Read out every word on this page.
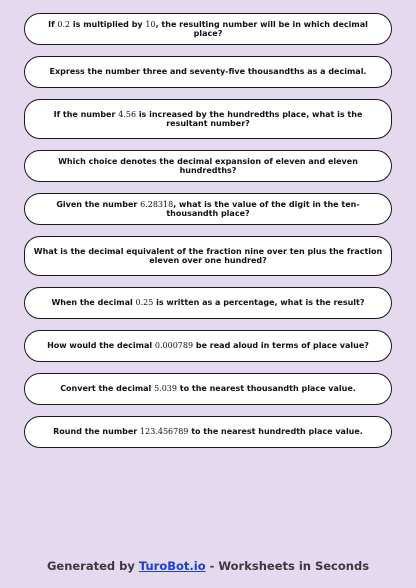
If 0.2 is multiplied by 10, the resulting number will be in which decimal place?
Express the number three and seventy-five thousandths as a decimal.
If the number 4.56 is increased by the hundredths place, what is the resultant number?
Which choice denotes the decimal expansion of eleven and eleven hundredths?
Given the number 6.28318, what is the value of the digit in the ten-thousandth place?
What is the decimal equivalent of the fraction nine over ten plus the fraction eleven over one hundred?
When the decimal 0.25 is written as a percentage, what is the result?
How would the decimal 0.000789 be read aloud in terms of place value?
Convert the decimal 5.039 to the nearest thousandth place value.
Round the number 123.456789 to the nearest hundredth place value.
Generated by TuroBot.io - Worksheets in Seconds
